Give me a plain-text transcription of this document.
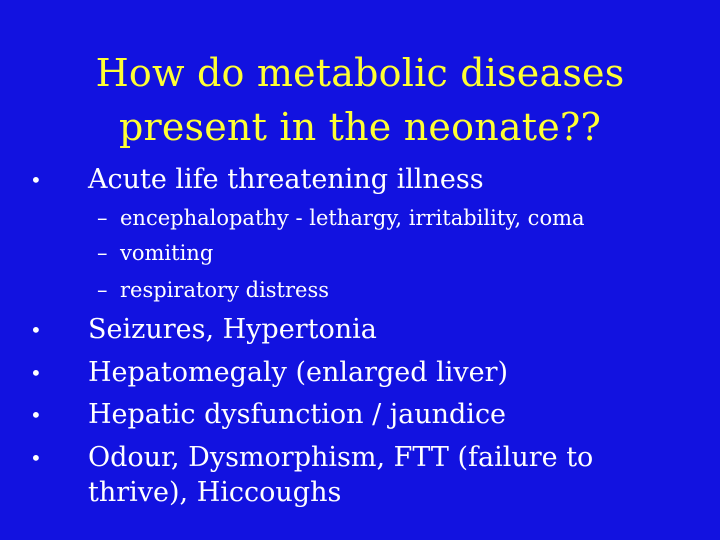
How do metabolic diseases
present in the neonate??
•	Acute life threatening illness
– encephalopathy - lethargy, irritability, coma
– vomiting
– respiratory distress
•	Seizures, Hypertonia
•	Hepatomegaly (enlarged liver)
•	Hepatic dysfunction / jaundice
•	Odour, Dysmorphism, FTT (failure to
thrive), Hiccoughs
